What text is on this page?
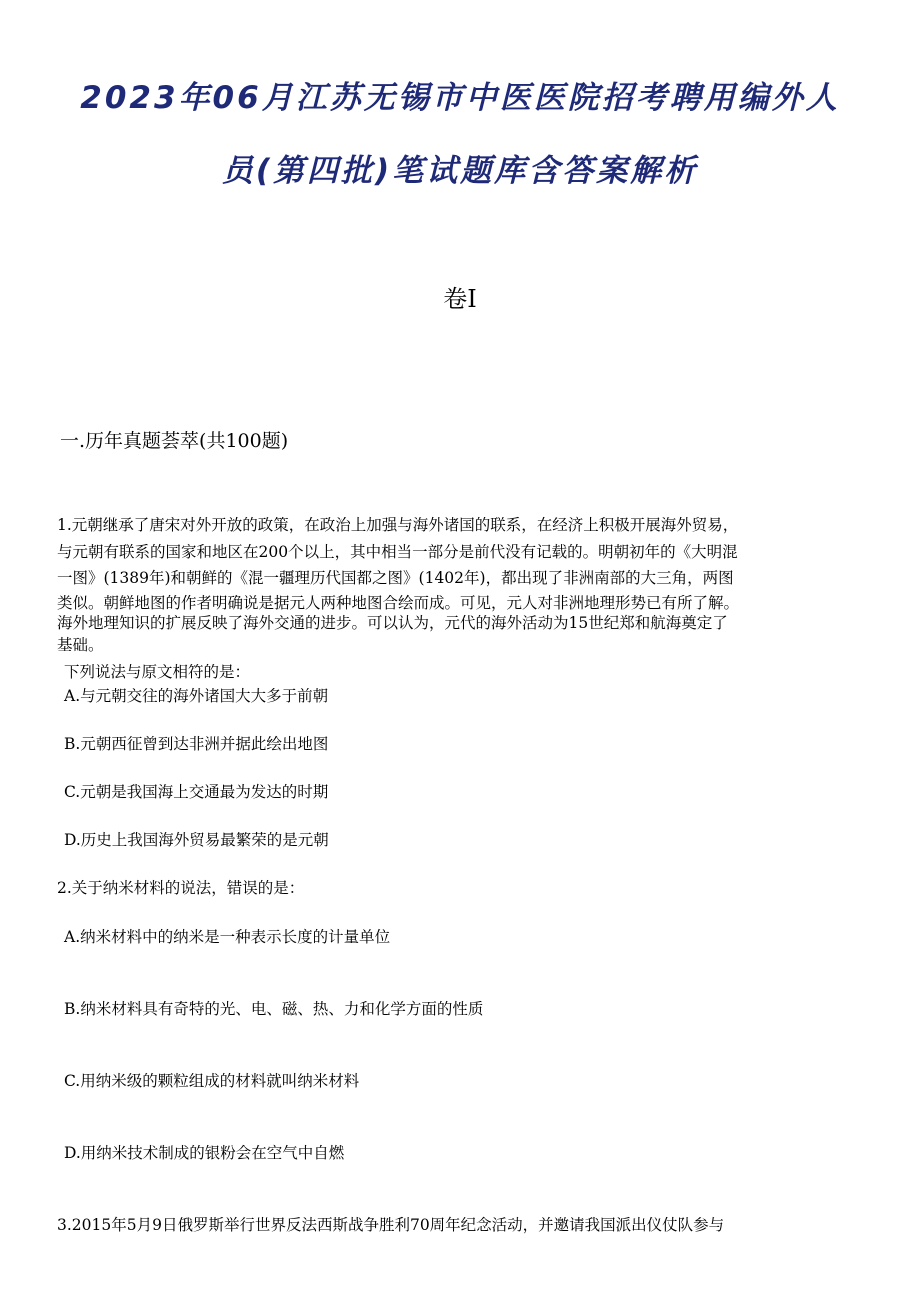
2023年06月江苏无锡市中医医院招考聘用编外人
员(第四批)笔试题库含答案解析
卷I
一.历年真题荟萃(共100题)
1.元朝继承了唐宋对外开放的政策，在政治上加强与海外诸国的联系，在经济上积极开展海外贸易，
与元朝有联系的国家和地区在200个以上，其中相当一部分是前代没有记载的。明朝初年的《大明混
一图》(1389年)和朝鲜的《混一疆理历代国都之图》(1402年)，都出现了非洲南部的大三角，两图
类似。朝鲜地图的作者明确说是据元人两种地图合绘而成。可见，元人对非洲地理形势已有所了解。
海外地理知识的扩展反映了海外交通的进步。可以认为，元代的海外活动为15世纪郑和航海奠定了
基础。
下列说法与原文相符的是：
A.与元朝交往的海外诸国大大多于前朝
B.元朝西征曾到达非洲并据此绘出地图
C.元朝是我国海上交通最为发达的时期
D.历史上我国海外贸易最繁荣的是元朝
2.关于纳米材料的说法，错误的是：
A.纳米材料中的纳米是一种表示长度的计量单位
B.纳米材料具有奇特的光、电、磁、热、力和化学方面的性质
C.用纳米级的颗粒组成的材料就叫纳米材料
D.用纳米技术制成的银粉会在空气中自燃
3.2015年5月9日俄罗斯举行世界反法西斯战争胜利70周年纪念活动，并邀请我国派出仪仗队参与
